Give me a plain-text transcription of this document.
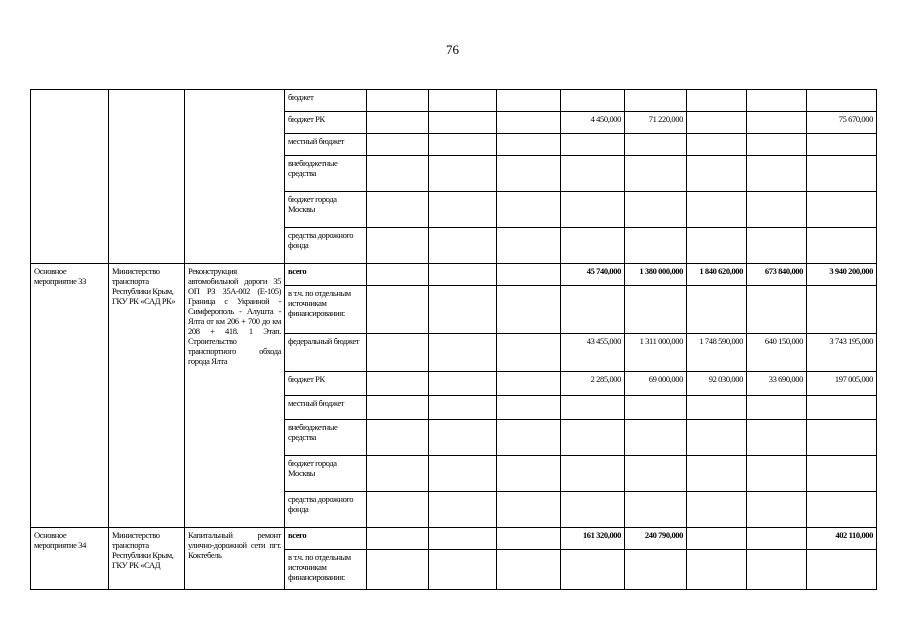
76
			бюджет								
			бюджет РК				4 450,000	71 220,000			75 670,000
			местный бюджет								
			внебюджетные средства								
			бюджет города Москвы								
			средства дорожного фонда								
Основное мероприятие 33	Министерство транспорта Республики Крым, ГКУ РК «САД РК»	Реконструкция автомобильной дороги 35 ОП РЗ 35А-002 (Е-105) Граница с Украиной - Симферополь - Алушта - Ялта от км 206 + 700 до км 208 + 418. 1 Этап. Строительство транспортного обхода города Ялта	всего				45 740,000	1 380 000,000	1 840 620,000	673 840,000	3 940 200,000
			в т.ч. по отдельным источникам финансирования:								
			федеральный бюджет				43 455,000	1 311 000,000	1 748 590,000	640 150,000	3 743 195,000
			бюджет РК				2 285,000	69 000,000	92 030,000	33 690,000	197 005,000
			местный бюджет								
			внебюджетные средства								
			бюджет города Москвы								
			средства дорожного фонда								
Основное мероприятие 34	Министерство транспорта Республики Крым, ГКУ РК «САД	Капитальный ремонт улично-дорожной сети пгт. Коктебель	всего				161 320,000	240 790,000			402 110,000
			в т.ч. по отдельным источникам финансирования:								
